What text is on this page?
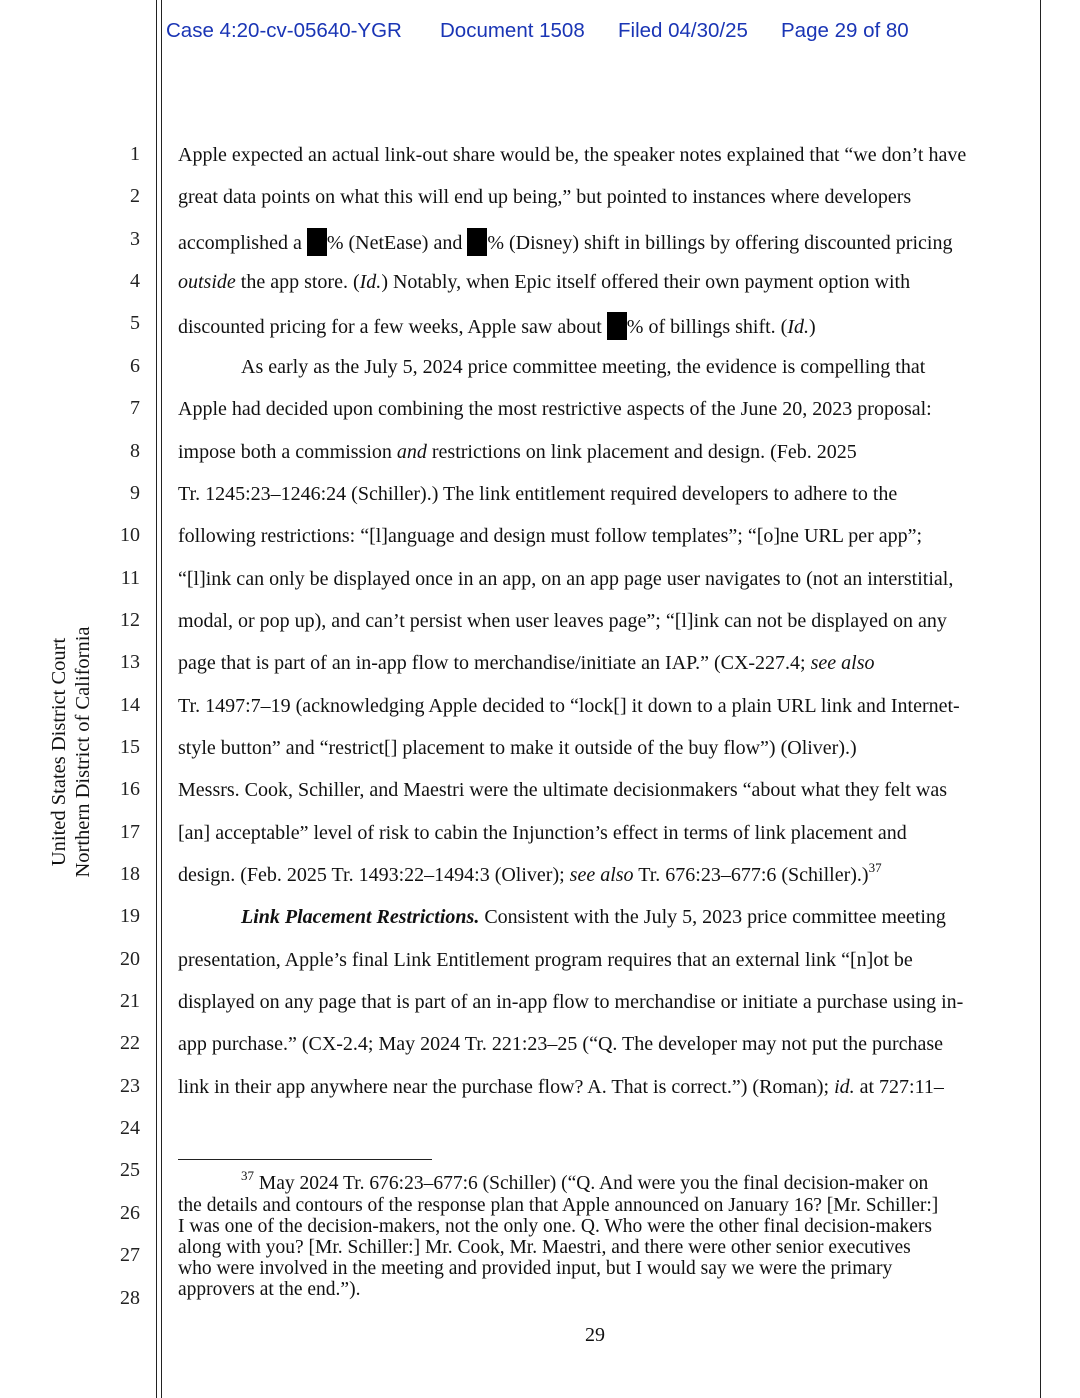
Case 4:20-cv-05640-YGR Document 1508 Filed 04/30/25 Page 29 of 80
United States District Court Northern District of California
1
2
3
4
5
6
7
8
9
10
11
12
13
14
15
16
17
18
19
20
21
22
23
24
25
26
27
28
Apple expected an actual link-out share would be, the speaker notes explained that “we don’t have
great data points on what this will end up being,” but pointed to instances where developers
accomplished a % (NetEase) and % (Disney) shift in billings by offering discounted pricing
outside the app store. (Id.) Notably, when Epic itself offered their own payment option with
discounted pricing for a few weeks, Apple saw about % of billings shift. (Id.)
As early as the July 5, 2024 price committee meeting, the evidence is compelling that
Apple had decided upon combining the most restrictive aspects of the June 20, 2023 proposal:
impose both a commission and restrictions on link placement and design. (Feb. 2025
Tr. 1245:23–1246:24 (Schiller).) The link entitlement required developers to adhere to the
following restrictions: “[l]anguage and design must follow templates”; “[o]ne URL per app”;
“[l]ink can only be displayed once in an app, on an app page user navigates to (not an interstitial,
modal, or pop up), and can’t persist when user leaves page”; “[l]ink can not be displayed on any
page that is part of an in-app flow to merchandise/initiate an IAP.” (CX-227.4; see also
Tr. 1497:7–19 (acknowledging Apple decided to “lock[] it down to a plain URL link and Internet-
style button” and “restrict[] placement to make it outside of the buy flow”) (Oliver).)
Messrs. Cook, Schiller, and Maestri were the ultimate decisionmakers “about what they felt was
[an] acceptable” level of risk to cabin the Injunction’s effect in terms of link placement and
design. (Feb. 2025 Tr. 1493:22–1494:3 (Oliver); see also Tr. 676:23–677:6 (Schiller).)$^{37}$
Link Placement Restrictions. Consistent with the July 5, 2023 price committee meeting
presentation, Apple’s final Link Entitlement program requires that an external link “[n]ot be
displayed on any page that is part of an in-app flow to merchandise or initiate a purchase using in-
app purchase.” (CX-2.4; May 2024 Tr. 221:23–25 (“Q. The developer may not put the purchase
link in their app anywhere near the purchase flow? A. That is correct.”) (Roman); id. at 727:11–
$^{37}$ May 2024 Tr. 676:23–677:6 (Schiller) (“Q. And were you the final decision-maker on
the details and contours of the response plan that Apple announced on January 16? [Mr. Schiller:]
I was one of the decision-makers, not the only one. Q. Who were the other final decision-makers
along with you? [Mr. Schiller:] Mr. Cook, Mr. Maestri, and there were other senior executives
who were involved in the meeting and provided input, but I would say we were the primary
approvers at the end.”).
29
